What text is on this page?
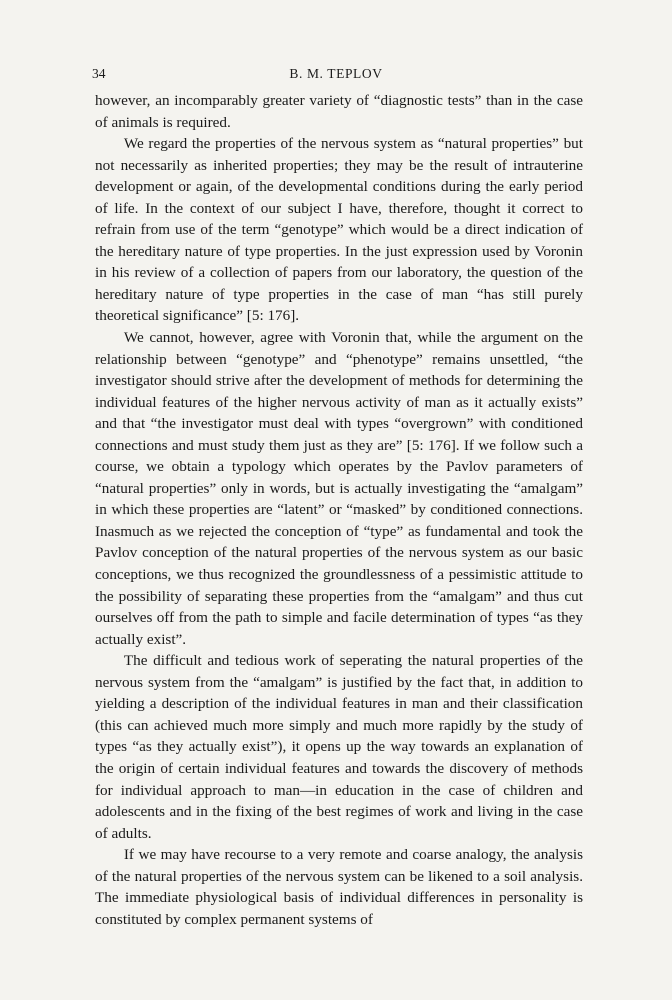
34	B. M. TEPLOV

however, an incomparably greater variety of “diagnostic tests” than in the case of animals is required.

We regard the properties of the nervous system as “natural properties” but not necessarily as inherited properties; they may be the result of intrauterine development or again, of the developmental conditions during the early period of life. In the context of our subject I have, therefore, thought it correct to refrain from use of the term “genotype” which would be a direct indication of the hereditary nature of type properties. In the just expression used by Voronin in his review of a collection of papers from our laboratory, the question of the hereditary nature of type properties in the case of man “has still purely theoretical significance” [5: 176].

We cannot, however, agree with Voronin that, while the argument on the relationship between “genotype” and “phenotype” remains unsettled, “the investigator should strive after the development of methods for determining the individual features of the higher nervous activity of man as it actually exists” and that “the investigator must deal with types “overgrown” with conditioned connections and must study them just as they are” [5: 176]. If we follow such a course, we obtain a typology which operates by the Pavlov parameters of “natural properties” only in words, but is actually investigating the “amalgam” in which these properties are “latent” or “masked” by conditioned connections. Inasmuch as we rejected the conception of “type” as fundamental and took the Pavlov conception of the natural properties of the nervous system as our basic conceptions, we thus recognized the groundlessness of a pessimistic attitude to the possibility of separating these properties from the “amalgam” and thus cut ourselves off from the path to simple and facile determination of types “as they actually exist”.

The difficult and tedious work of seperating the natural properties of the nervous system from the “amalgam” is justified by the fact that, in addition to yielding a description of the individual features in man and their classification (this can achieved much more simply and much more rapidly by the study of types “as they actually exist”), it opens up the way towards an explanation of the origin of certain individual features and towards the discovery of methods for individual approach to man—in education in the case of children and adolescents and in the fixing of the best regimes of work and living in the case of adults.

If we may have recourse to a very remote and coarse analogy, the analysis of the natural properties of the nervous system can be likened to a soil analysis. The immediate physiological basis of individual differences in personality is constituted by complex permanent systems of
